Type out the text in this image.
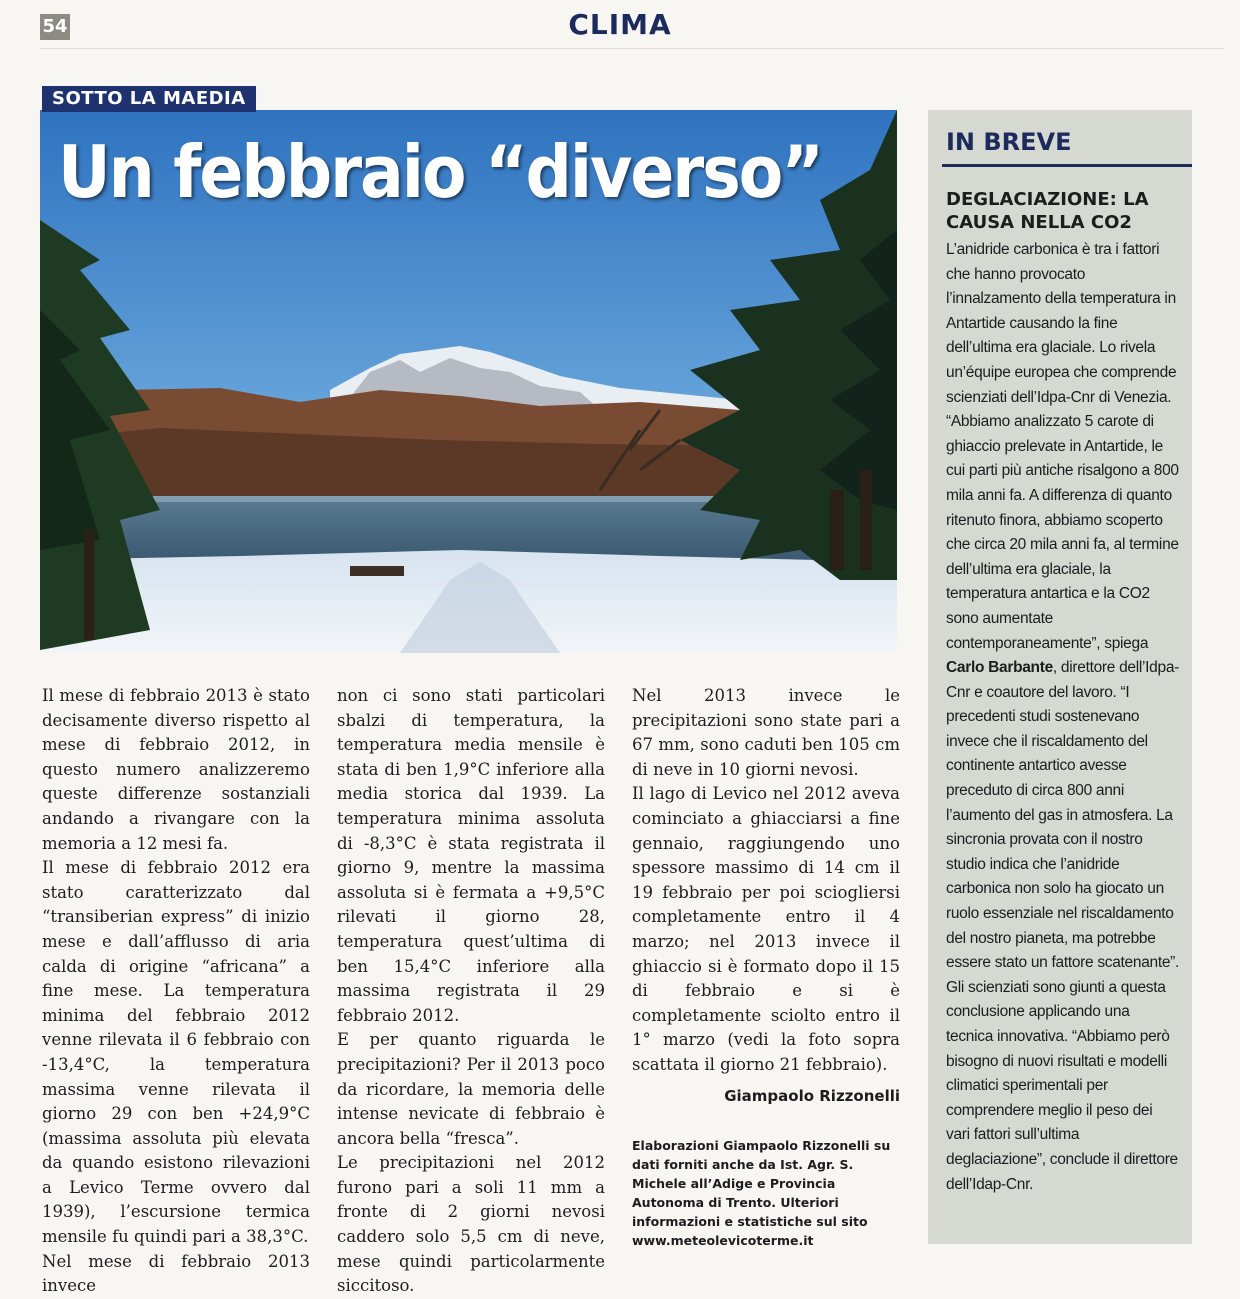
54	CLIMA
SOTTO LA MAEDIA
Un febbraio “diverso”

Il mese di febbraio 2013 è stato decisamente diverso rispetto al mese di febbraio 2012, in questo numero analizzeremo queste differenze sostanziali andando a rivangare con la memoria a 12 mesi fa.

Il mese di febbraio 2012 era stato caratterizzato dal “transiberian express” di inizio mese e dall’afflusso di aria calda di origine “africana” a fine mese. La temperatura minima del febbraio 2012 venne rilevata il 6 febbraio con -13,4°C, la temperatura massima venne rilevata il giorno 29 con ben +24,9°C (massima assoluta più elevata da quando esistono rilevazioni a Levico Terme ovvero dal 1939), l’escursione termica mensile fu quindi pari a 38,3°C.

Nel mese di febbraio 2013 invece

non ci sono stati particolari sbalzi di temperatura, la temperatura media mensile è stata di ben 1,9°C inferiore alla media storica dal 1939. La temperatura minima assoluta di -8,3°C è stata registrata il giorno 9, mentre la massima assoluta si è fermata a +9,5°C rilevati il giorno 28, temperatura quest’ultima di ben 15,4°C inferiore alla massima registrata il 29 febbraio 2012.

E per quanto riguarda le precipitazioni? Per il 2013 poco da ricordare, la memoria delle intense nevicate di febbraio è ancora bella “fresca”.

Le precipitazioni nel 2012 furono pari a soli 11 mm a fronte di 2 giorni nevosi caddero solo 5,5 cm di neve, mese quindi particolarmente siccitoso.

Nel 2013 invece le precipitazioni sono state pari a 67 mm, sono caduti ben 105 cm di neve in 10 giorni nevosi.

Il lago di Levico nel 2012 aveva cominciato a ghiacciarsi a fine gennaio, raggiungendo uno spessore massimo di 14 cm il 19 febbraio per poi sciogliersi completamente entro il 4 marzo; nel 2013 invece il ghiaccio si è formato dopo il 15 di febbraio e si è completamente sciolto entro il 1° marzo (vedi la foto sopra scattata il giorno 21 febbraio).

Giampaolo Rizzonelli

Elaborazioni Giampaolo Rizzonelli su dati forniti anche da Ist. Agr. S. Michele all’Adige e Provincia Autonoma di Trento. Ulteriori informazioni e statistiche sul sito www.meteolevicoterme.it

IN BREVE
DEGLACIAZIONE: LA CAUSA NELLA CO2

L’anidride carbonica è tra i fattori che hanno provocato l’innalzamento della temperatura in Antartide causando la fine dell’ultima era glaciale. Lo rivela un’équipe europea che comprende scienziati dell’Idpa-Cnr di Venezia. “Abbiamo analizzato 5 carote di ghiaccio prelevate in Antartide, le cui parti più antiche risalgono a 800 mila anni fa. A differenza di quanto ritenuto finora, abbiamo scoperto che circa 20 mila anni fa, al termine dell’ultima era glaciale, la temperatura antartica e la CO2 sono aumentate contemporaneamente”, spiega Carlo Barbante, direttore dell’Idpa-Cnr e coautore del lavoro. “I precedenti studi sostenevano invece che il riscaldamento del continente antartico avesse preceduto di circa 800 anni l’aumento del gas in atmosfera. La sincronia provata con il nostro studio indica che l’anidride carbonica non solo ha giocato un ruolo essenziale nel riscaldamento del nostro pianeta, ma potrebbe essere stato un fattore scatenante”.

Gli scienziati sono giunti a questa conclusione applicando una tecnica innovativa. “Abbiamo però bisogno di nuovi risultati e modelli climatici sperimentali per comprendere meglio il peso dei vari fattori sull’ultima deglaciazione”, conclude il direttore dell’Idap-Cnr.
